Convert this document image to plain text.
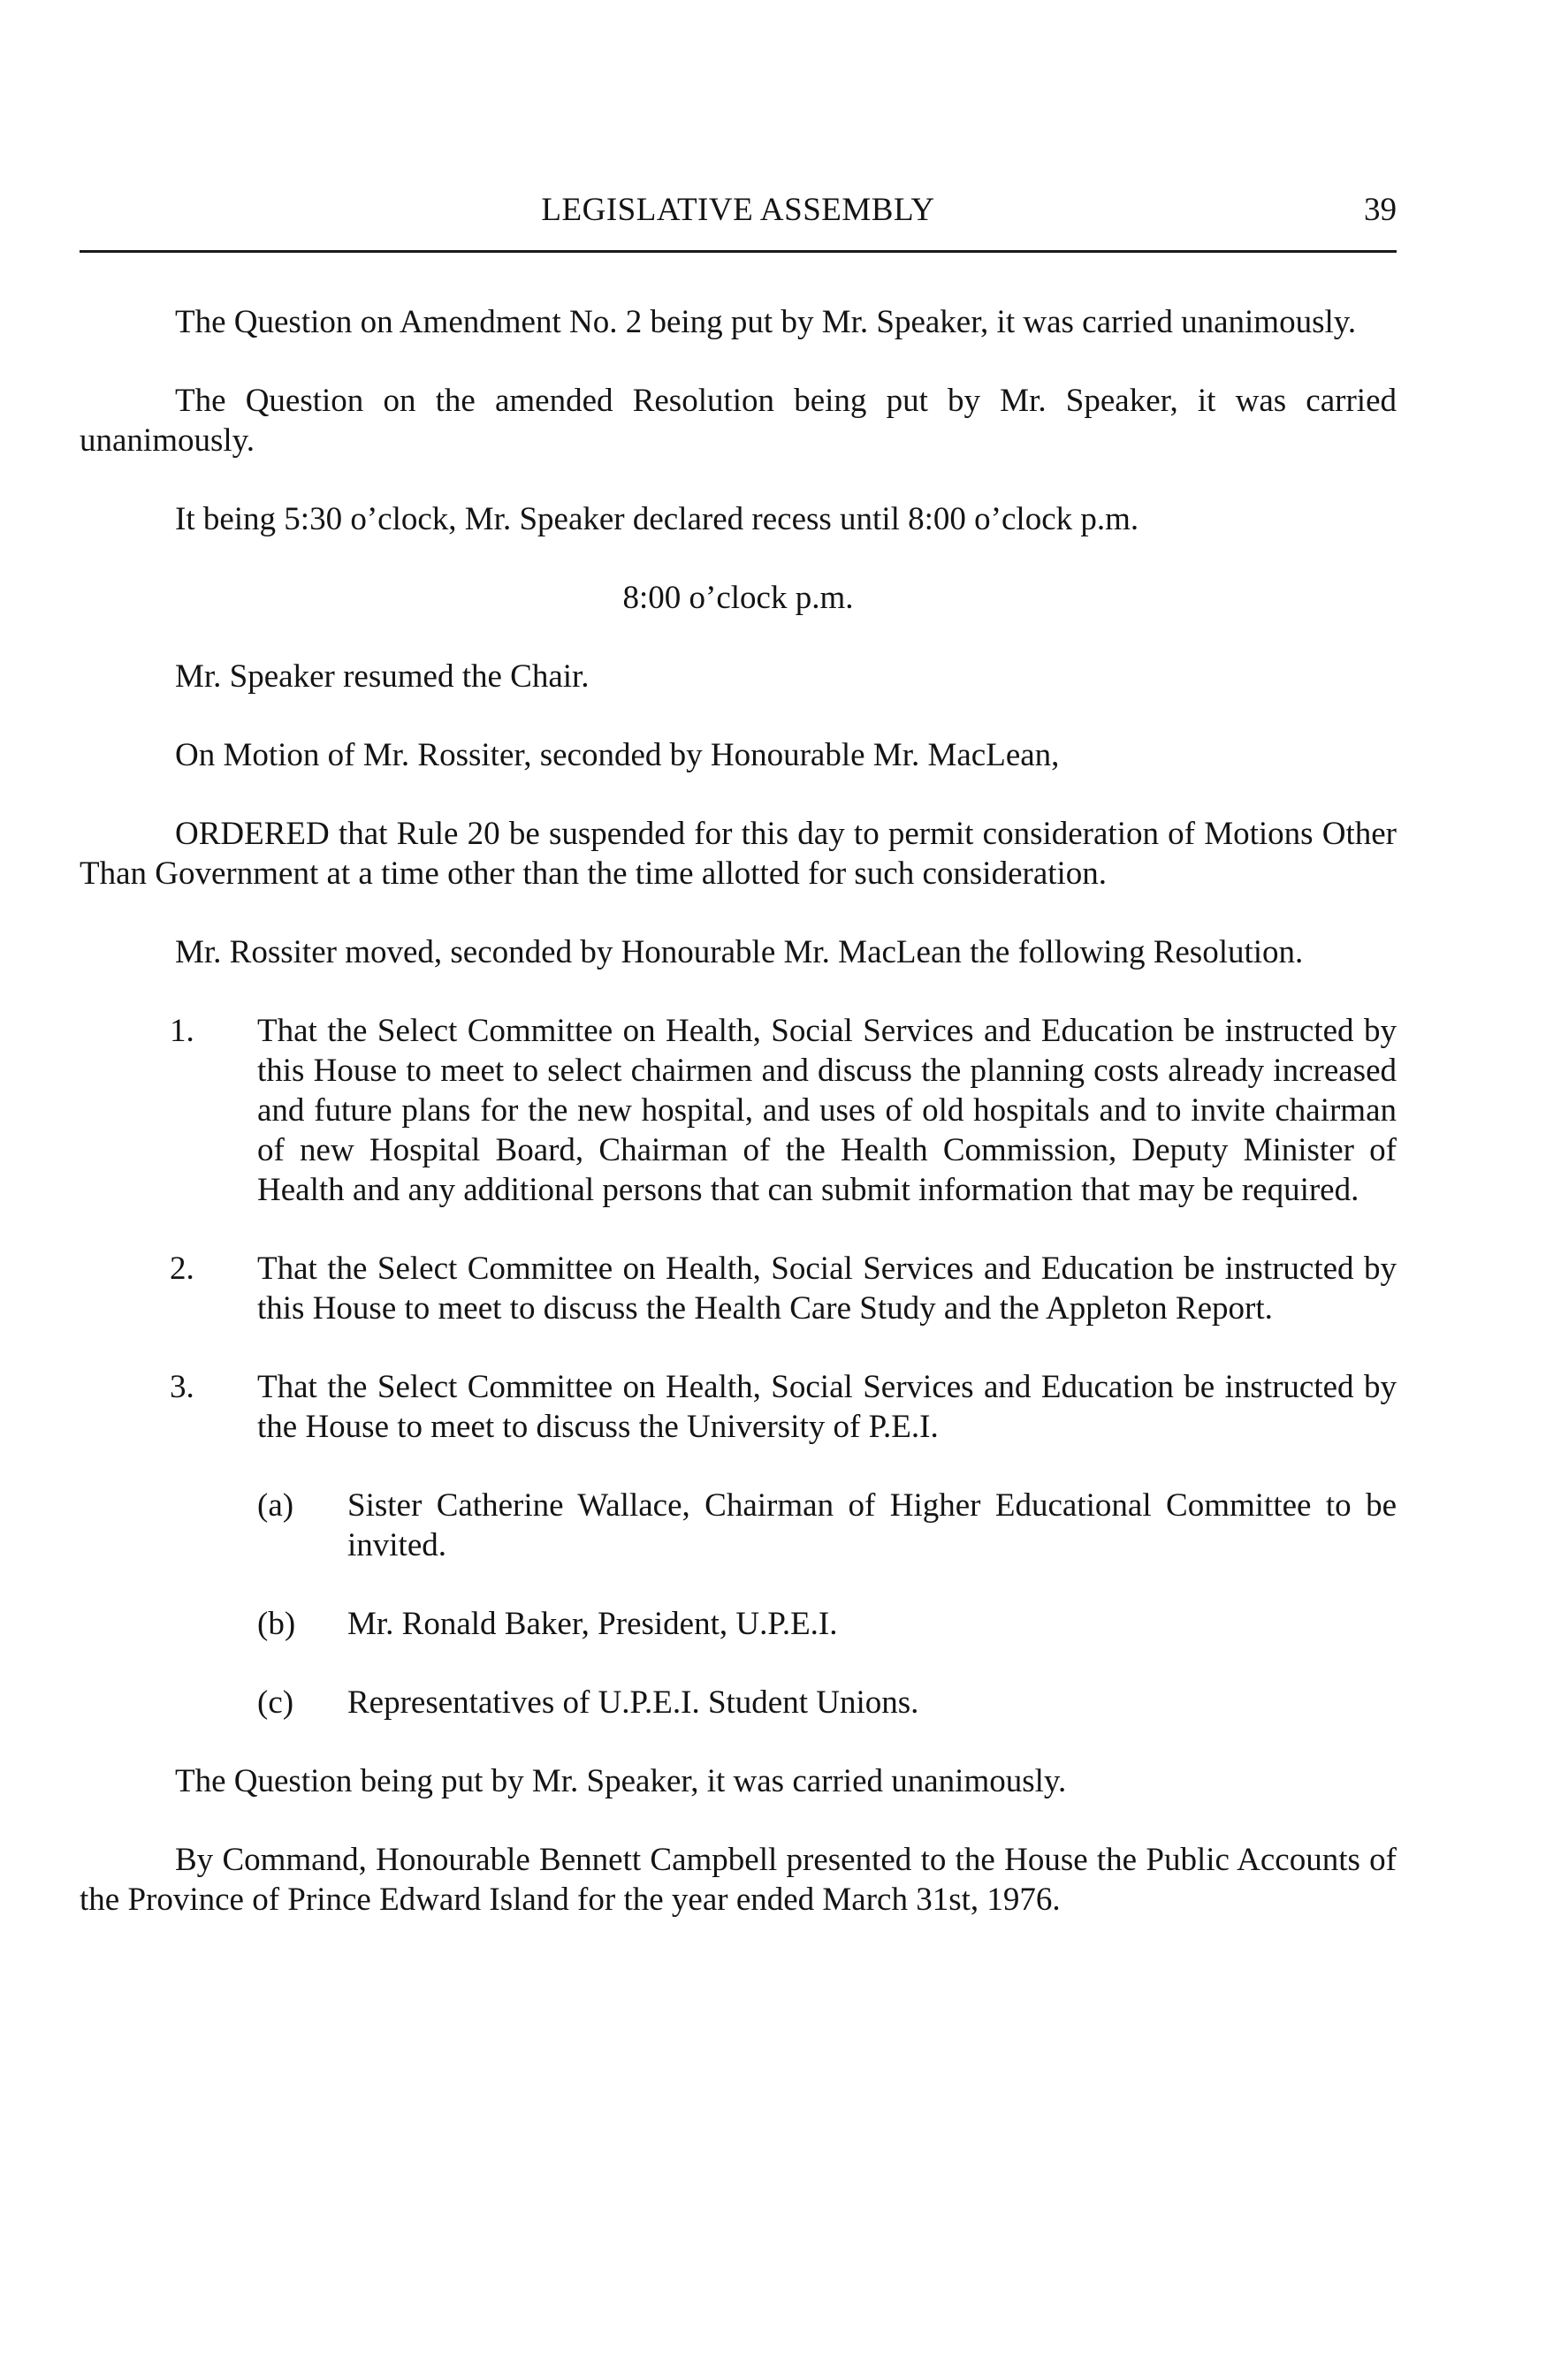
LEGISLATIVE ASSEMBLY	39

The Question on Amendment No. 2 being put by Mr. Speaker, it was carried unanimously.

The Question on the amended Resolution being put by Mr. Speaker, it was carried unanimously.

It being 5:30 o’clock, Mr. Speaker declared recess until 8:00 o’clock p.m.

8:00 o’clock p.m.

Mr. Speaker resumed the Chair.

On Motion of Mr. Rossiter, seconded by Honourable Mr. MacLean,

ORDERED that Rule 20 be suspended for this day to permit consideration of Motions Other Than Government at a time other than the time allotted for such consideration.

Mr. Rossiter moved, seconded by Honourable Mr. MacLean the following Resolution.

1. That the Select Committee on Health, Social Services and Education be instructed by this House to meet to select chairmen and discuss the planning costs already increased and future plans for the new hospital, and uses of old hospitals and to invite chairman of new Hospital Board, Chairman of the Health Commission, Deputy Minister of Health and any additional persons that can submit information that may be required.
2. That the Select Committee on Health, Social Services and Education be instructed by this House to meet to discuss the Health Care Study and the Appleton Report.
3. That the Select Committee on Health, Social Services and Education be instructed by the House to meet to discuss the University of P.E.I.
(a) Sister Catherine Wallace, Chairman of Higher Educational Committee to be invited.
(b) Mr. Ronald Baker, President, U.P.E.I.
(c) Representatives of U.P.E.I. Student Unions.

The Question being put by Mr. Speaker, it was carried unanimously.

By Command, Honourable Bennett Campbell presented to the House the Public Accounts of the Province of Prince Edward Island for the year ended March 31st, 1976.
